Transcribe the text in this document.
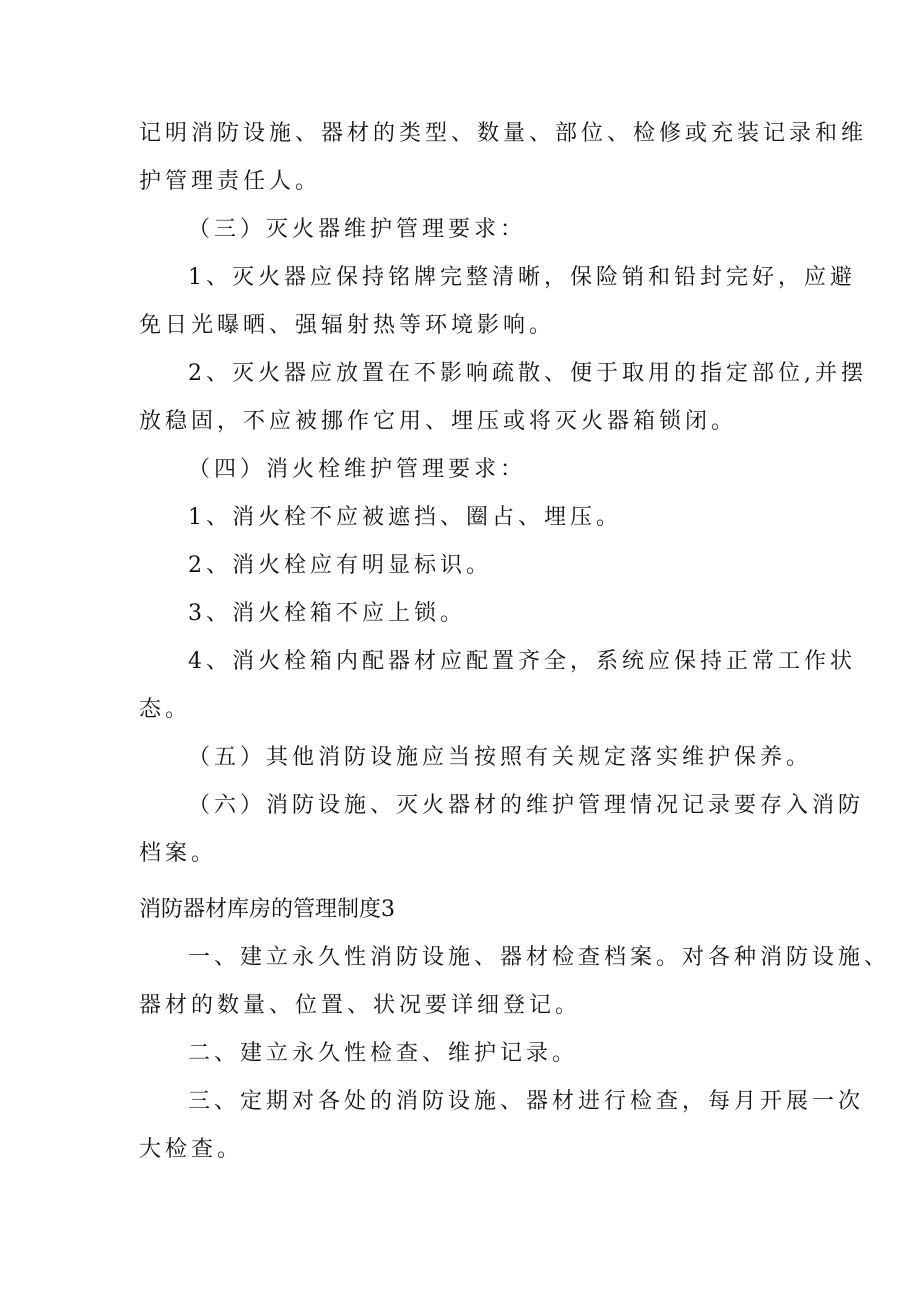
记明消防设施、器材的类型、数量、部位、检修或充装记录和维
护管理责任人。
（三）灭火器维护管理要求：
1、灭火器应保持铭牌完整清晰，保险销和铅封完好，应避
免日光曝晒、强辐射热等环境影响。
2、灭火器应放置在不影响疏散、便于取用的指定部位,并摆
放稳固，不应被挪作它用、埋压或将灭火器箱锁闭。
（四）消火栓维护管理要求：
1、消火栓不应被遮挡、圈占、埋压。
2、消火栓应有明显标识。
3、消火栓箱不应上锁。
4、消火栓箱内配器材应配置齐全，系统应保持正常工作状
态。
（五）其他消防设施应当按照有关规定落实维护保养。
（六）消防设施、灭火器材的维护管理情况记录要存入消防
档案。
消防器材库房的管理制度3
一、建立永久性消防设施、器材检查档案。对各种消防设施、
器材的数量、位置、状况要详细登记。
二、建立永久性检查、维护记录。
三、定期对各处的消防设施、器材进行检查，每月开展一次
大检查。
